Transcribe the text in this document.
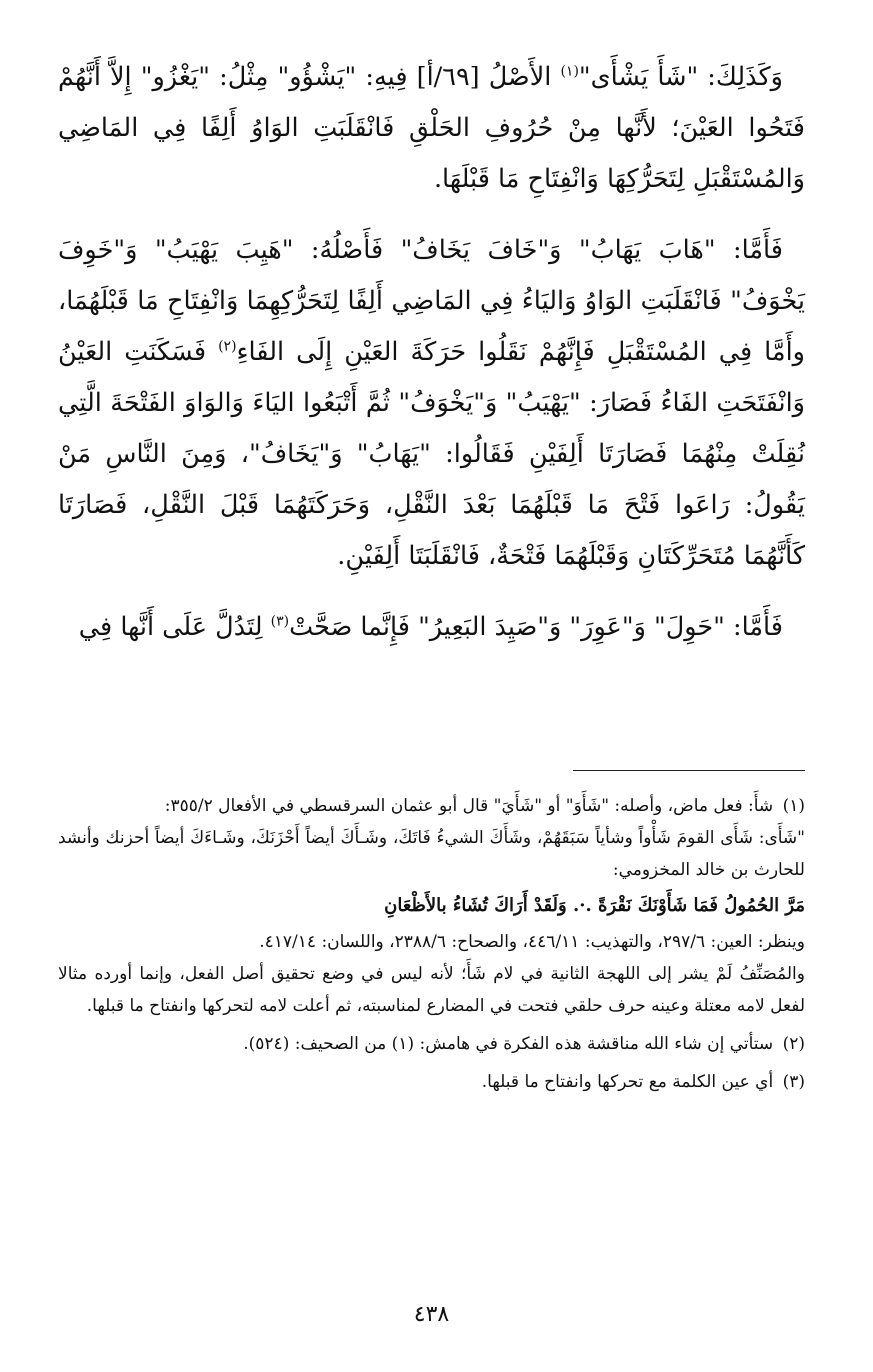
وَكَذَلِكَ: "شَأَ يَشْأَى"$^{(١)}$ الأَصْلُ [٦٩/أ] فِيهِ: "يَشْؤُو" مِثْلُ: "يَغْزُو" إِلاَّ أَنَّهُمْ فَتَحُوا العَيْنَ؛ لأَنَّها مِنْ حُرُوفِ الحَلْقِ فَانْقَلَبَتِ الوَاوُ أَلِفًا فِي المَاضِي وَالمُسْتَقْبَلِ لِتَحَرُّكِهَا وَانْفِتَاحِ مَا قَبْلَهَا.

فَأَمَّا: "هَابَ يَهَابُ" وَ"خَافَ يَخَافُ" فَأَصْلُهُ: "هَيِبَ يَهْيَبُ" وَ"خَوِفَ يَخْوَفُ" فَانْقَلَبَتِ الوَاوُ وَاليَاءُ فِي المَاضِي أَلِفًا لِتَحَرُّكِهِمَا وَانْفِتَاحِ مَا قَبْلَهُمَا، وأَمَّا فِي المُسْتَقْبَلِ فَإِنَّهُمْ نَقَلُوا حَرَكَةَ العَيْنِ إِلَى الفَاءِ$^{(٢)}$ فَسَكَنَتِ العَيْنُ وَانْفَتَحَتِ الفَاءُ فَصَارَ: "يَهْيَبُ" وَ"يَخْوَفُ" ثُمَّ أَتْبَعُوا اليَاءَ وَالوَاوَ الفَتْحَةَ الَّتِي نُقِلَتْ مِنْهُمَا فَصَارَتَا أَلِفَيْنِ فَقَالُوا: "يَهَابُ" وَ"يَخَافُ"، وَمِنَ النَّاسِ مَنْ يَقُولُ: رَاعَوا فَتْحَ مَا قَبْلَهُمَا بَعْدَ النَّقْلِ، وَحَرَكَتَهُمَا قَبْلَ النَّقْلِ، فَصَارَتَا كَأَنَّهُمَا مُتَحَرِّكَتَانِ وَقَبْلَهُمَا فَتْحَةٌ، فَانْقَلَبَتَا أَلِفَيْنِ.

فَأَمَّا: "حَوِلَ" وَ"عَوِرَ" وَ"صَيِدَ البَعِيرُ" فَإِنَّما صَحَّتْ$^{(٣)}$ لِتَدُلَّ عَلَى أَنَّها فِي

(١) شأَ: فعل ماض، وأصله: "شَأَوَ" أو "شَأَيَ" قال أبو عثمان السرقسطي في الأفعال ٣٥٥/٢:
"شَأَى: شَأَى القومَ شَأْواً وشأياً سَبَقَهُمْ، وشَأَكَ الشيءُ فَاتَكَ، وشَـأَكَ أيضاً أَحْزَنَكَ، وشَـاءَكَ أيضاً أحزنك وأنشد للحارث بن خالد المخزومي:
مَرَّ الحُمُولُ فَمَا شَأَوْنَكَ نَقْرَةً .·. وَلَقَدْ أَرَاكَ تُشَاءُ بالأَظْعَانِ
وينظر: العين: ٢٩٧/٦، والتهذيب: ٤٤٦/١١، والصحاح: ٢٣٨٨/٦، واللسان: ٤١٧/١٤.
والمُصَنِّفُ لَمْ يشر إلى اللهجة الثانية في لام شَأَ؛ لأنه ليس في وضع تحقيق أصل الفعل، وإنما أورده مثالا لفعل لامه معتلة وعينه حرف حلقي فتحت في المضارع لمناسبته، ثم أعلت لامه لتحركها وانفتاح ما قبلها.
(٢) ستأتي إن شاء الله مناقشة هذه الفكرة في هامش: (١) من الصحيف: (٥٢٤).
(٣) أي عين الكلمة مع تحركها وانفتاح ما قبلها.
٤٣٨
